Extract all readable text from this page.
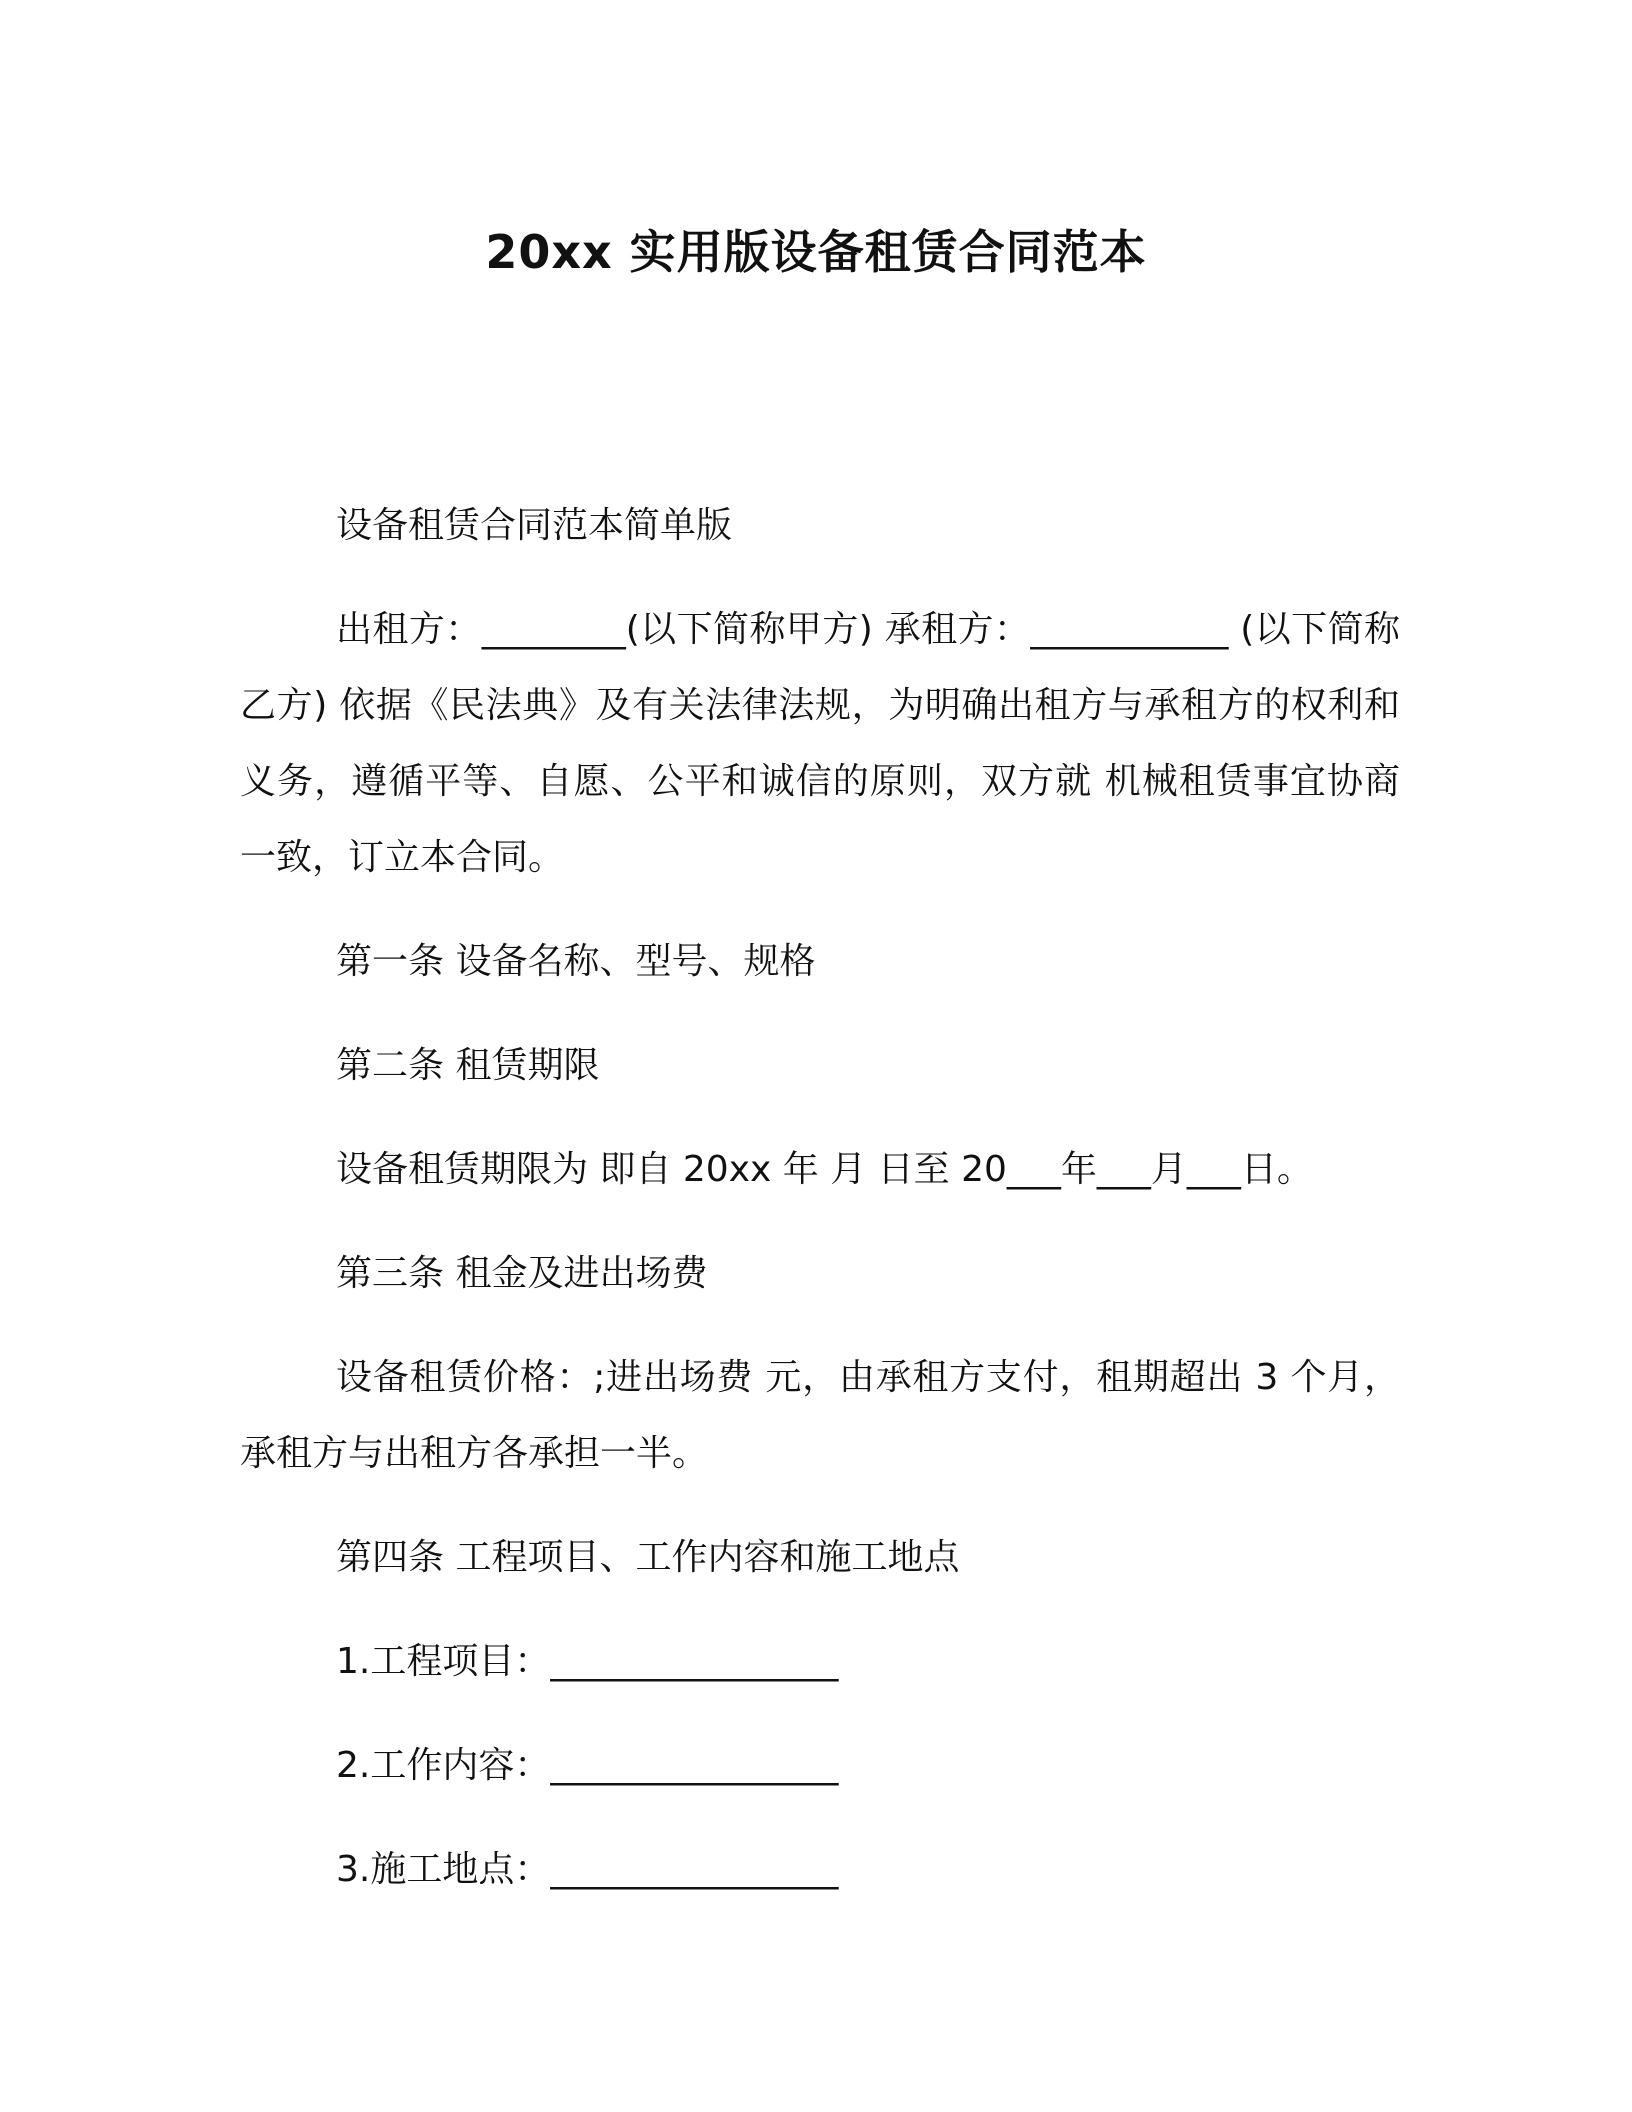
20xx 实用版设备租赁合同范本

设备租赁合同范本简单版

出租方：________(以下简称甲方) 承租方：___________ (以下简称乙方) 依据《民法典》及有关法律法规，为明确出租方与承租方的权利和义务，遵循平等、自愿、公平和诚信的原则，双方就 机械租赁事宜协商一致，订立本合同。

第一条 设备名称、型号、规格

第二条 租赁期限

设备租赁期限为 即自 20xx 年 月 日至 20___年___月___日。

第三条 租金及进出场费

设备租赁价格：;进出场费 元，由承租方支付，租期超出 3 个月，承租方与出租方各承担一半。

第四条 工程项目、工作内容和施工地点

1.工程项目：________________

2.工作内容：________________

3.施工地点：________________
